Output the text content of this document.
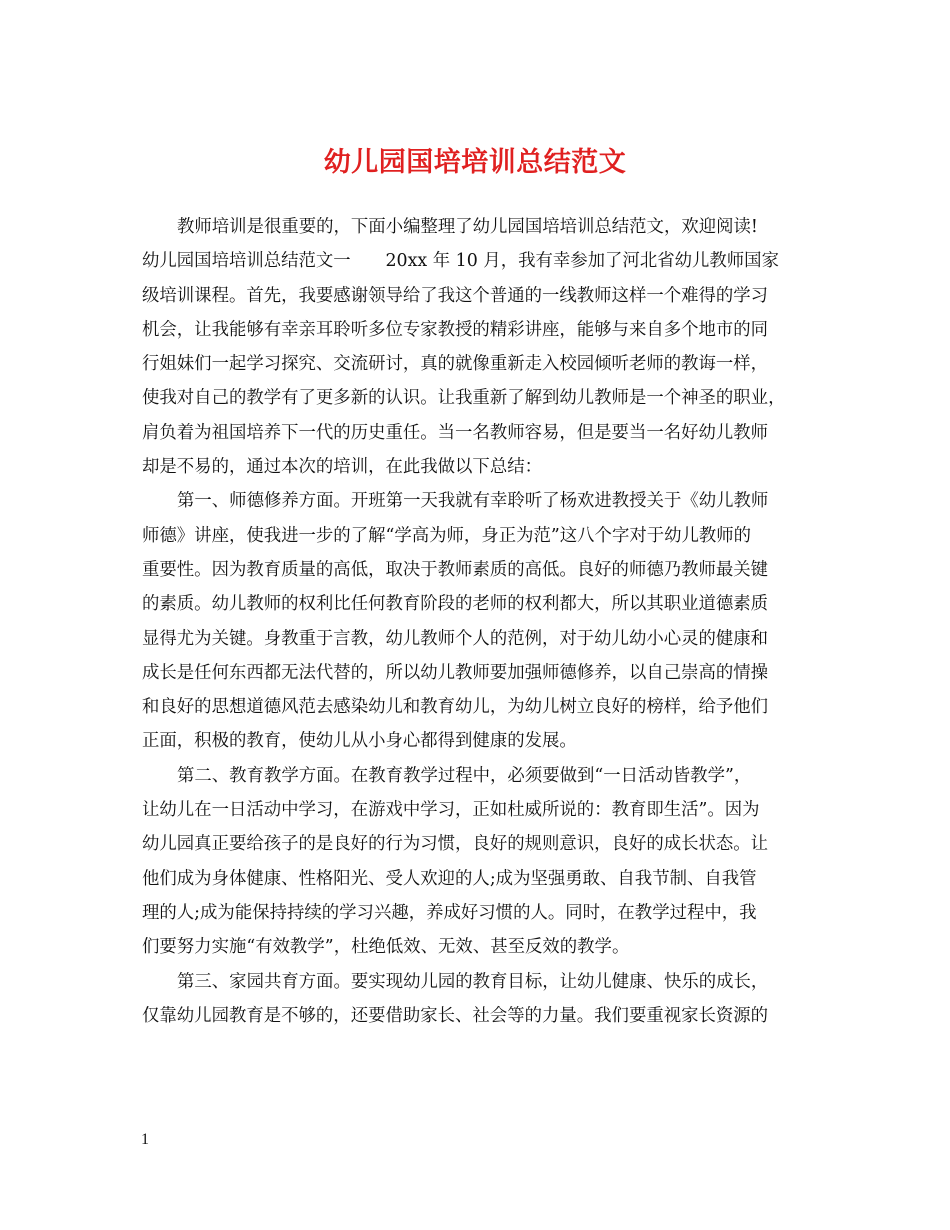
幼儿园国培培训总结范文

教师培训是很重要的，下面小编整理了幼儿园国培培训总结范文，欢迎阅读!

幼儿园国培培训总结范文一　　20xx 年 10 月，我有幸参加了河北省幼儿教师国家

级培训课程。首先，我要感谢领导给了我这个普通的一线教师这样一个难得的学习

机会，让我能够有幸亲耳聆听多位专家教授的精彩讲座，能够与来自多个地市的同

行姐妹们一起学习探究、交流研讨，真的就像重新走入校园倾听老师的教诲一样，

使我对自己的教学有了更多新的认识。让我重新了解到幼儿教师是一个神圣的职业，

肩负着为祖国培养下一代的历史重任。当一名教师容易，但是要当一名好幼儿教师

却是不易的，通过本次的培训，在此我做以下总结：

第一、师德修养方面。开班第一天我就有幸聆听了杨欢进教授关于《幼儿教师

师德》讲座，使我进一步的了解“学高为师，身正为范”这八个字对于幼儿教师的

重要性。因为教育质量的高低，取决于教师素质的高低。良好的师德乃教师最关键

的素质。幼儿教师的权利比任何教育阶段的老师的权利都大，所以其职业道德素质

显得尤为关键。身教重于言教，幼儿教师个人的范例，对于幼儿幼小心灵的健康和

成长是任何东西都无法代替的，所以幼儿教师要加强师德修养，以自己崇高的情操

和良好的思想道德风范去感染幼儿和教育幼儿，为幼儿树立良好的榜样，给予他们

正面，积极的教育，使幼儿从小身心都得到健康的发展。

第二、教育教学方面。在教育教学过程中，必须要做到“一日活动皆教学”，

让幼儿在一日活动中学习，在游戏中学习，正如杜威所说的：教育即生活”。因为

幼儿园真正要给孩子的是良好的行为习惯，良好的规则意识，良好的成长状态。让

他们成为身体健康、性格阳光、受人欢迎的人;成为坚强勇敢、自我节制、自我管

理的人;成为能保持持续的学习兴趣，养成好习惯的人。同时，在教学过程中，我

们要努力实施“有效教学”，杜绝低效、无效、甚至反效的教学。

第三、家园共育方面。要实现幼儿园的教育目标，让幼儿健康、快乐的成长，

仅靠幼儿园教育是不够的，还要借助家长、社会等的力量。我们要重视家长资源的

1
